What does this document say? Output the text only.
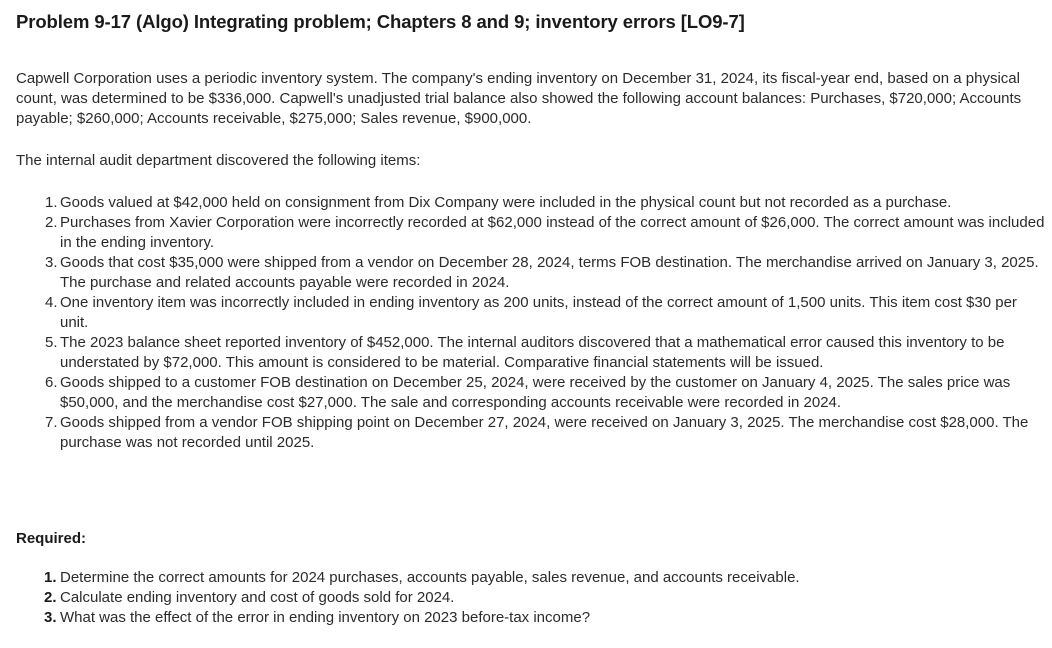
Problem 9-17 (Algo) Integrating problem; Chapters 8 and 9; inventory errors [LO9-7]

Capwell Corporation uses a periodic inventory system. The company's ending inventory on December 31, 2024, its fiscal-year end, based on a physical count, was determined to be $336,000. Capwell's unadjusted trial balance also showed the following account balances: Purchases, $720,000; Accounts payable; $260,000; Accounts receivable, $275,000; Sales revenue, $900,000.

The internal audit department discovered the following items:

1. Goods valued at $42,000 held on consignment from Dix Company were included in the physical count but not recorded as a purchase.
2. Purchases from Xavier Corporation were incorrectly recorded at $62,000 instead of the correct amount of $26,000. The correct amount was included in the ending inventory.
3. Goods that cost $35,000 were shipped from a vendor on December 28, 2024, terms FOB destination. The merchandise arrived on January 3, 2025. The purchase and related accounts payable were recorded in 2024.
4. One inventory item was incorrectly included in ending inventory as 200 units, instead of the correct amount of 1,500 units. This item cost $30 per unit.
5. The 2023 balance sheet reported inventory of $452,000. The internal auditors discovered that a mathematical error caused this inventory to be understated by $72,000. This amount is considered to be material. Comparative financial statements will be issued.
6. Goods shipped to a customer FOB destination on December 25, 2024, were received by the customer on January 4, 2025. The sales price was $50,000, and the merchandise cost $27,000. The sale and corresponding accounts receivable were recorded in 2024.
7. Goods shipped from a vendor FOB shipping point on December 27, 2024, were received on January 3, 2025. The merchandise cost $28,000. The purchase was not recorded until 2025.

Required:

1. Determine the correct amounts for 2024 purchases, accounts payable, sales revenue, and accounts receivable.
2. Calculate ending inventory and cost of goods sold for 2024.
3. What was the effect of the error in ending inventory on 2023 before-tax income?
